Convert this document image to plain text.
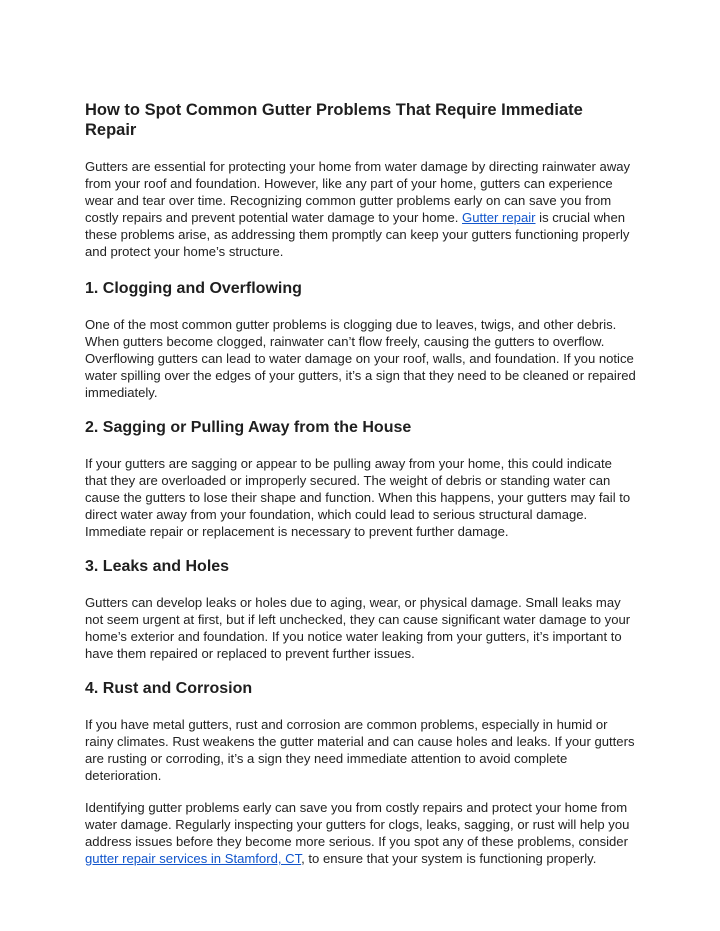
How to Spot Common Gutter Problems That Require Immediate Repair

Gutters are essential for protecting your home from water damage by directing rainwater away from your roof and foundation. However, like any part of your home, gutters can experience wear and tear over time. Recognizing common gutter problems early on can save you from costly repairs and prevent potential water damage to your home. Gutter repair is crucial when these problems arise, as addressing them promptly can keep your gutters functioning properly and protect your home’s structure.

1. Clogging and Overflowing

One of the most common gutter problems is clogging due to leaves, twigs, and other debris. When gutters become clogged, rainwater can’t flow freely, causing the gutters to overflow. Overflowing gutters can lead to water damage on your roof, walls, and foundation. If you notice water spilling over the edges of your gutters, it’s a sign that they need to be cleaned or repaired immediately.

2. Sagging or Pulling Away from the House

If your gutters are sagging or appear to be pulling away from your home, this could indicate that they are overloaded or improperly secured. The weight of debris or standing water can cause the gutters to lose their shape and function. When this happens, your gutters may fail to direct water away from your foundation, which could lead to serious structural damage. Immediate repair or replacement is necessary to prevent further damage.

3. Leaks and Holes

Gutters can develop leaks or holes due to aging, wear, or physical damage. Small leaks may not seem urgent at first, but if left unchecked, they can cause significant water damage to your home’s exterior and foundation. If you notice water leaking from your gutters, it’s important to have them repaired or replaced to prevent further issues.

4. Rust and Corrosion

If you have metal gutters, rust and corrosion are common problems, especially in humid or rainy climates. Rust weakens the gutter material and can cause holes and leaks. If your gutters are rusting or corroding, it’s a sign they need immediate attention to avoid complete deterioration.

Identifying gutter problems early can save you from costly repairs and protect your home from water damage. Regularly inspecting your gutters for clogs, leaks, sagging, or rust will help you address issues before they become more serious. If you spot any of these problems, consider gutter repair services in Stamford, CT, to ensure that your system is functioning properly.
